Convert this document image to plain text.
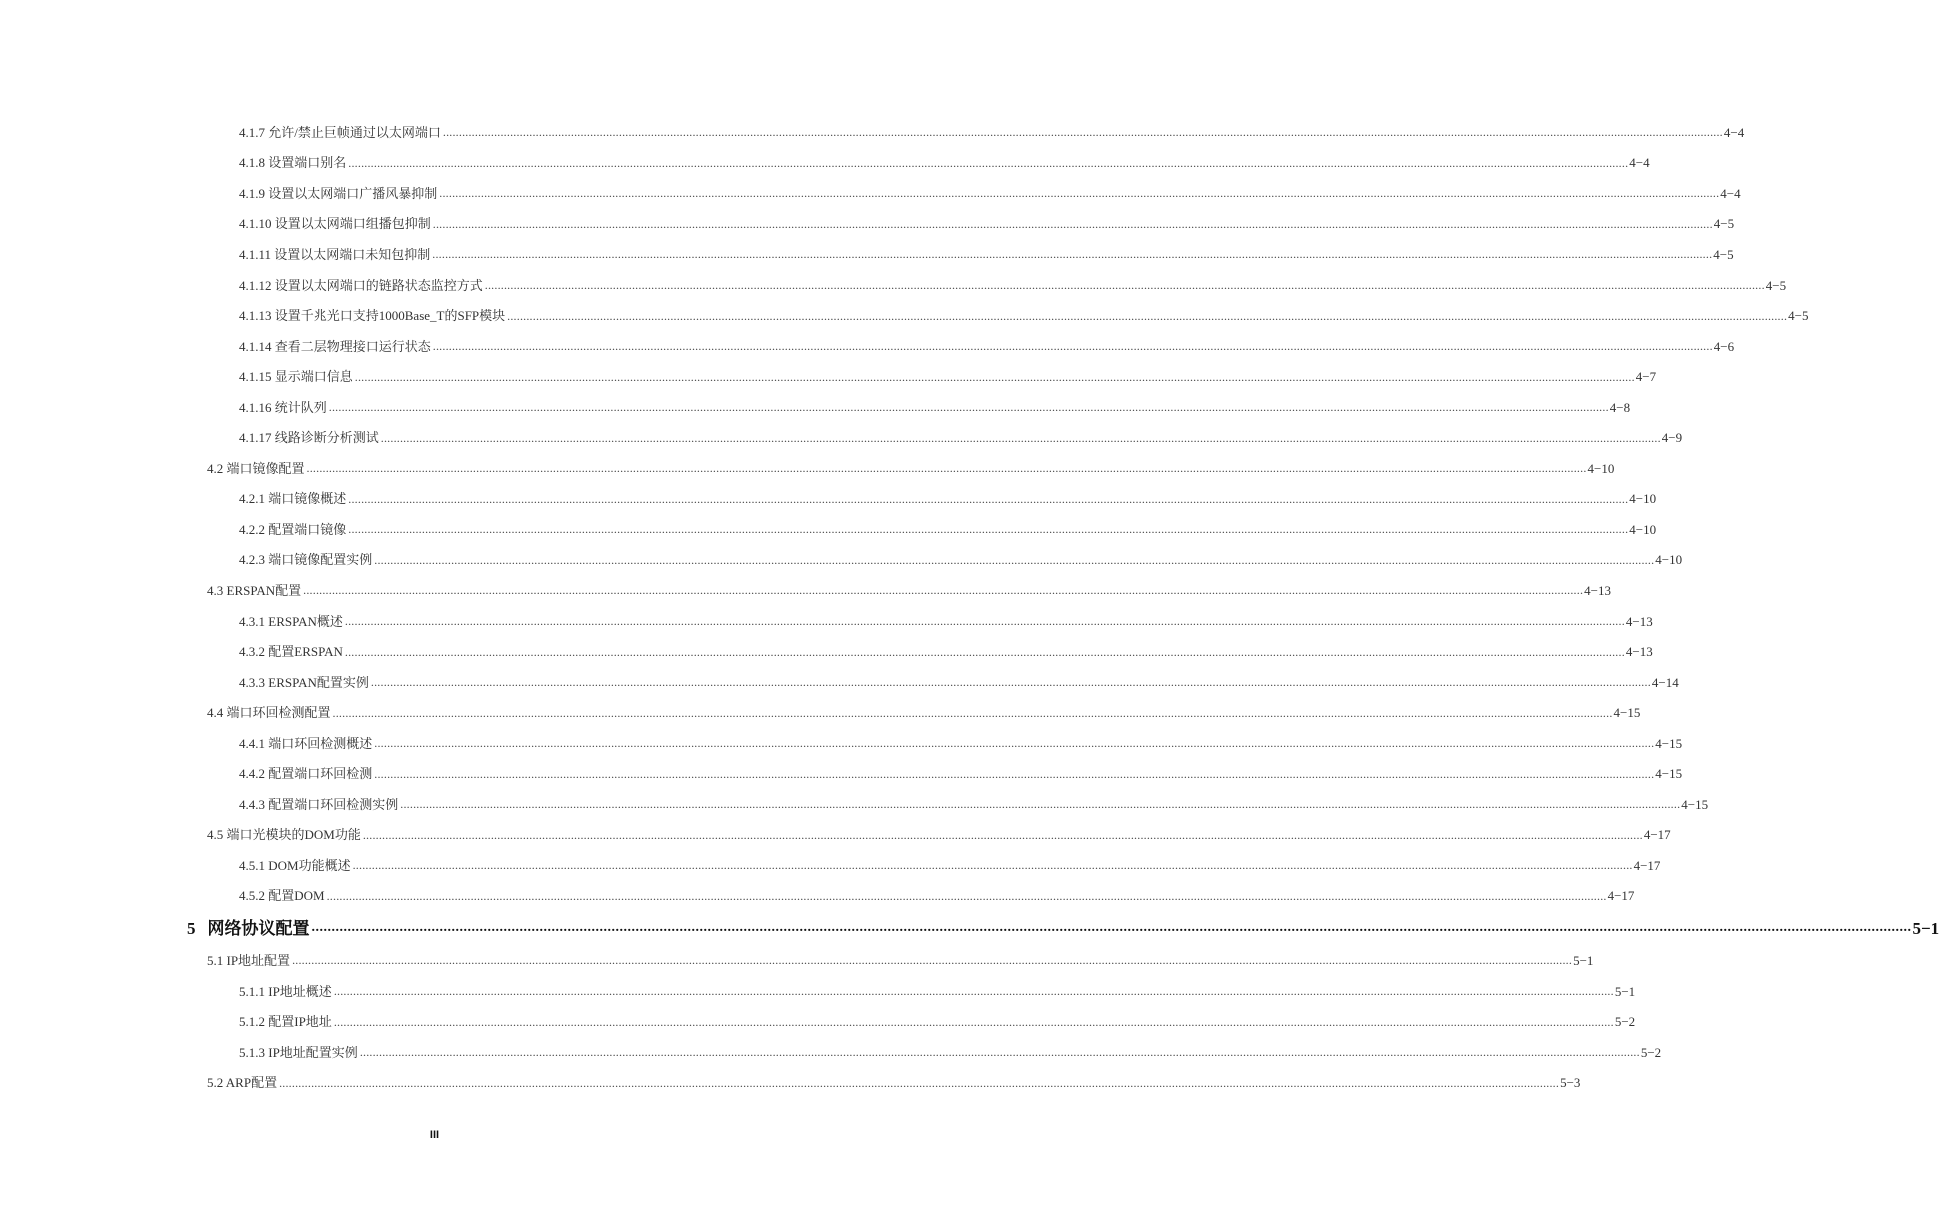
4.1.7 允许/禁止巨帧通过以太网端口 ................................................................................................................................................................................................................................................................................................................................................................................................................ 4−4
4.1.8 设置端口别名 ................................................................................................................................................................................................................................................................................................................................................................................................................ 4−4
4.1.9 设置以太网端口广播风暴抑制 ................................................................................................................................................................................................................................................................................................................................................................................................................ 4−4
4.1.10 设置以太网端口组播包抑制 ................................................................................................................................................................................................................................................................................................................................................................................................................ 4−5
4.1.11 设置以太网端口未知包抑制 ................................................................................................................................................................................................................................................................................................................................................................................................................ 4−5
4.1.12 设置以太网端口的链路状态监控方式 ................................................................................................................................................................................................................................................................................................................................................................................................................ 4−5
4.1.13 设置千兆光口支持1000Base_T的SFP模块 ................................................................................................................................................................................................................................................................................................................................................................................................................ 4−5
4.1.14 查看二层物理接口运行状态 ................................................................................................................................................................................................................................................................................................................................................................................................................ 4−6
4.1.15 显示端口信息 ................................................................................................................................................................................................................................................................................................................................................................................................................ 4−7
4.1.16 统计队列 ................................................................................................................................................................................................................................................................................................................................................................................................................ 4−8
4.1.17 线路诊断分析测试 ................................................................................................................................................................................................................................................................................................................................................................................................................ 4−9
4.2 端口镜像配置 ................................................................................................................................................................................................................................................................................................................................................................................................................ 4−10
4.2.1 端口镜像概述 ................................................................................................................................................................................................................................................................................................................................................................................................................ 4−10
4.2.2 配置端口镜像 ................................................................................................................................................................................................................................................................................................................................................................................................................ 4−10
4.2.3 端口镜像配置实例 ................................................................................................................................................................................................................................................................................................................................................................................................................ 4−10
4.3 ERSPAN配置 ................................................................................................................................................................................................................................................................................................................................................................................................................ 4−13
4.3.1 ERSPAN概述 ................................................................................................................................................................................................................................................................................................................................................................................................................ 4−13
4.3.2 配置ERSPAN ................................................................................................................................................................................................................................................................................................................................................................................................................ 4−13
4.3.3 ERSPAN配置实例 ................................................................................................................................................................................................................................................................................................................................................................................................................ 4−14
4.4 端口环回检测配置 ................................................................................................................................................................................................................................................................................................................................................................................................................ 4−15
4.4.1 端口环回检测概述 ................................................................................................................................................................................................................................................................................................................................................................................................................ 4−15
4.4.2 配置端口环回检测 ................................................................................................................................................................................................................................................................................................................................................................................................................ 4−15
4.4.3 配置端口环回检测实例 ................................................................................................................................................................................................................................................................................................................................................................................................................ 4−15
4.5 端口光模块的DOM功能 ................................................................................................................................................................................................................................................................................................................................................................................................................ 4−17
4.5.1 DOM功能概述 ................................................................................................................................................................................................................................................................................................................................................................................................................ 4−17
4.5.2 配置DOM ................................................................................................................................................................................................................................................................................................................................................................................................................ 4−17
5 网络协议配置 ................................................................................................................................................................................................................................................................................................................................................................................................................ 5−1
5.1 IP地址配置 ................................................................................................................................................................................................................................................................................................................................................................................................................ 5−1
5.1.1 IP地址概述 ................................................................................................................................................................................................................................................................................................................................................................................................................ 5−1
5.1.2 配置IP地址 ................................................................................................................................................................................................................................................................................................................................................................................................................ 5−2
5.1.3 IP地址配置实例 ................................................................................................................................................................................................................................................................................................................................................................................................................ 5−2
5.2 ARP配置 ................................................................................................................................................................................................................................................................................................................................................................................................................ 5−3
III
